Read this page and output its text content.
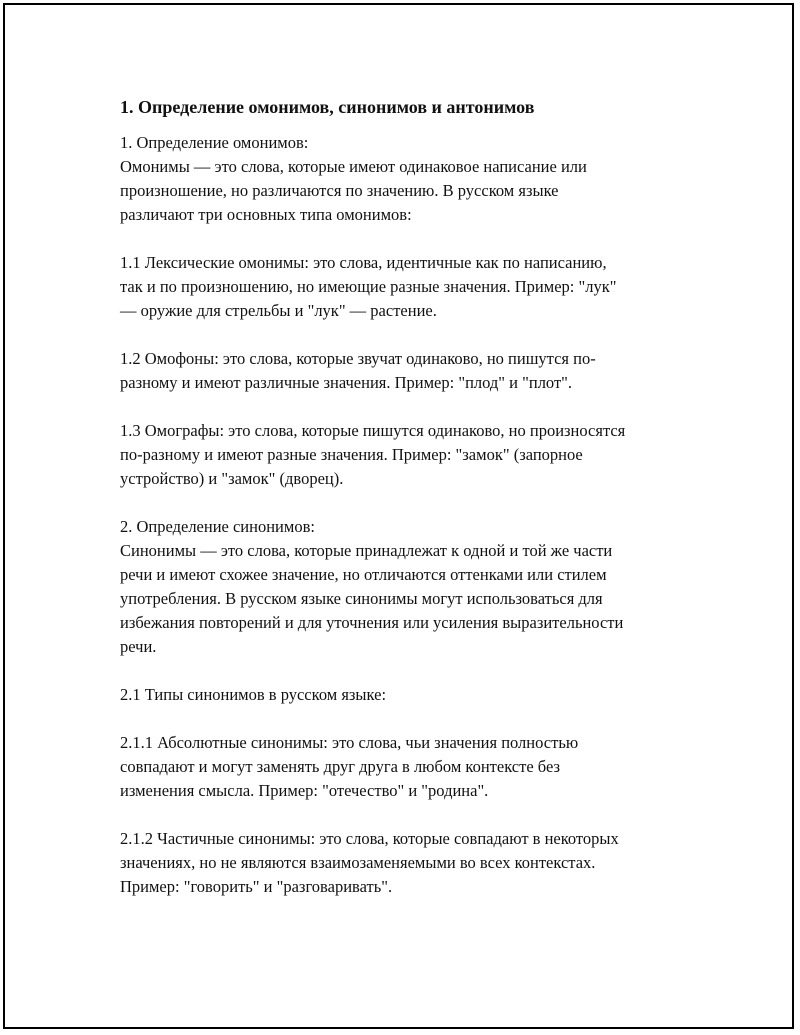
1. Определение омонимов, синонимов и антонимов
1. Определение омонимов:
Омонимы — это слова, которые имеют одинаковое написание или
произношение, но различаются по значению. В русском языке
различают три основных типа омонимов:
1.1 Лексические омонимы: это слова, идентичные как по написанию,
так и по произношению, но имеющие разные значения. Пример: "лук"
— оружие для стрельбы и "лук" — растение.
1.2 Омофоны: это слова, которые звучат одинаково, но пишутся по-
разному и имеют различные значения. Пример: "плод" и "плот".
1.3 Омографы: это слова, которые пишутся одинаково, но произносятся
по-разному и имеют разные значения. Пример: "замок" (запорное
устройство) и "замок" (дворец).
2. Определение синонимов:
Синонимы — это слова, которые принадлежат к одной и той же части
речи и имеют схожее значение, но отличаются оттенками или стилем
употребления. В русском языке синонимы могут использоваться для
избежания повторений и для уточнения или усиления выразительности
речи.
2.1 Типы синонимов в русском языке:
2.1.1 Абсолютные синонимы: это слова, чьи значения полностью
совпадают и могут заменять друг друга в любом контексте без
изменения смысла. Пример: "отечество" и "родина".
2.1.2 Частичные синонимы: это слова, которые совпадают в некоторых
значениях, но не являются взаимозаменяемыми во всех контекстах.
Пример: "говорить" и "разговаривать".
